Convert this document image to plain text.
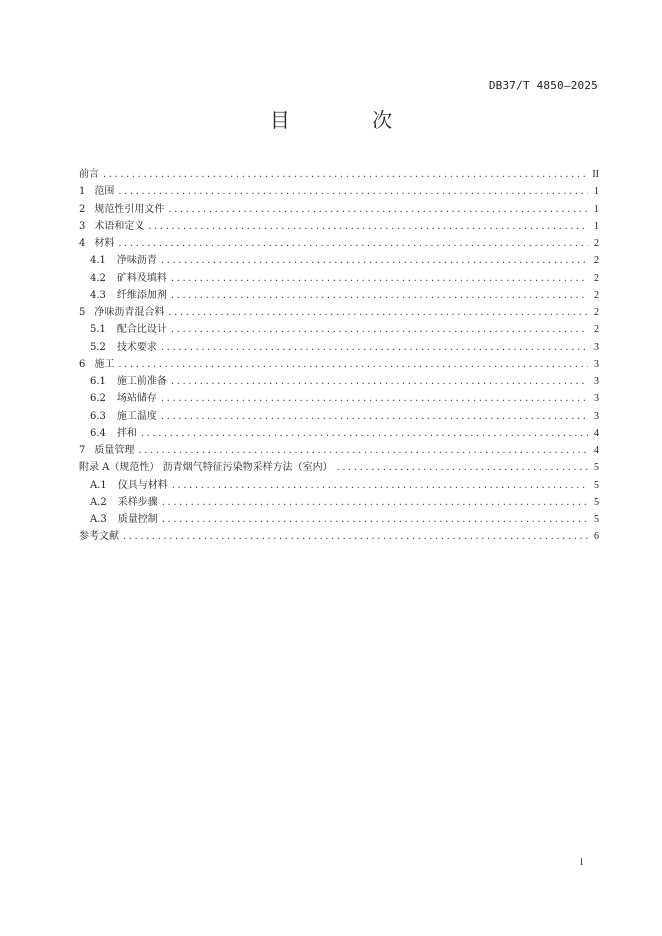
DB37/T 4850—2025
目 次
前言 .....	II
1 范围 .....	1
2 规范性引用文件 .....	1
3 术语和定义 .....	1
4 材料 .....	2
4.1 净味沥青 .....	2
4.2 矿料及填料 .....	2
4.3 纤维添加剂 .....	2
5 净味沥青混合料 .....	2
5.1 配合比设计 .....	2
5.2 技术要求 .....	3
6 施工 .....	3
6.1 施工前准备 .....	3
6.2 场站储存 .....	3
6.3 施工温度 .....	3
6.4 拌和 .....	4
7 质量管理 .....	4
附录 A（规范性） 沥青烟气特征污染物采样方法（室内） .....	5
A.1 仪具与材料 .....	5
A.2 采样步骤 .....	5
A.3 质量控制 .....	5
参考文献 .....	6
I
